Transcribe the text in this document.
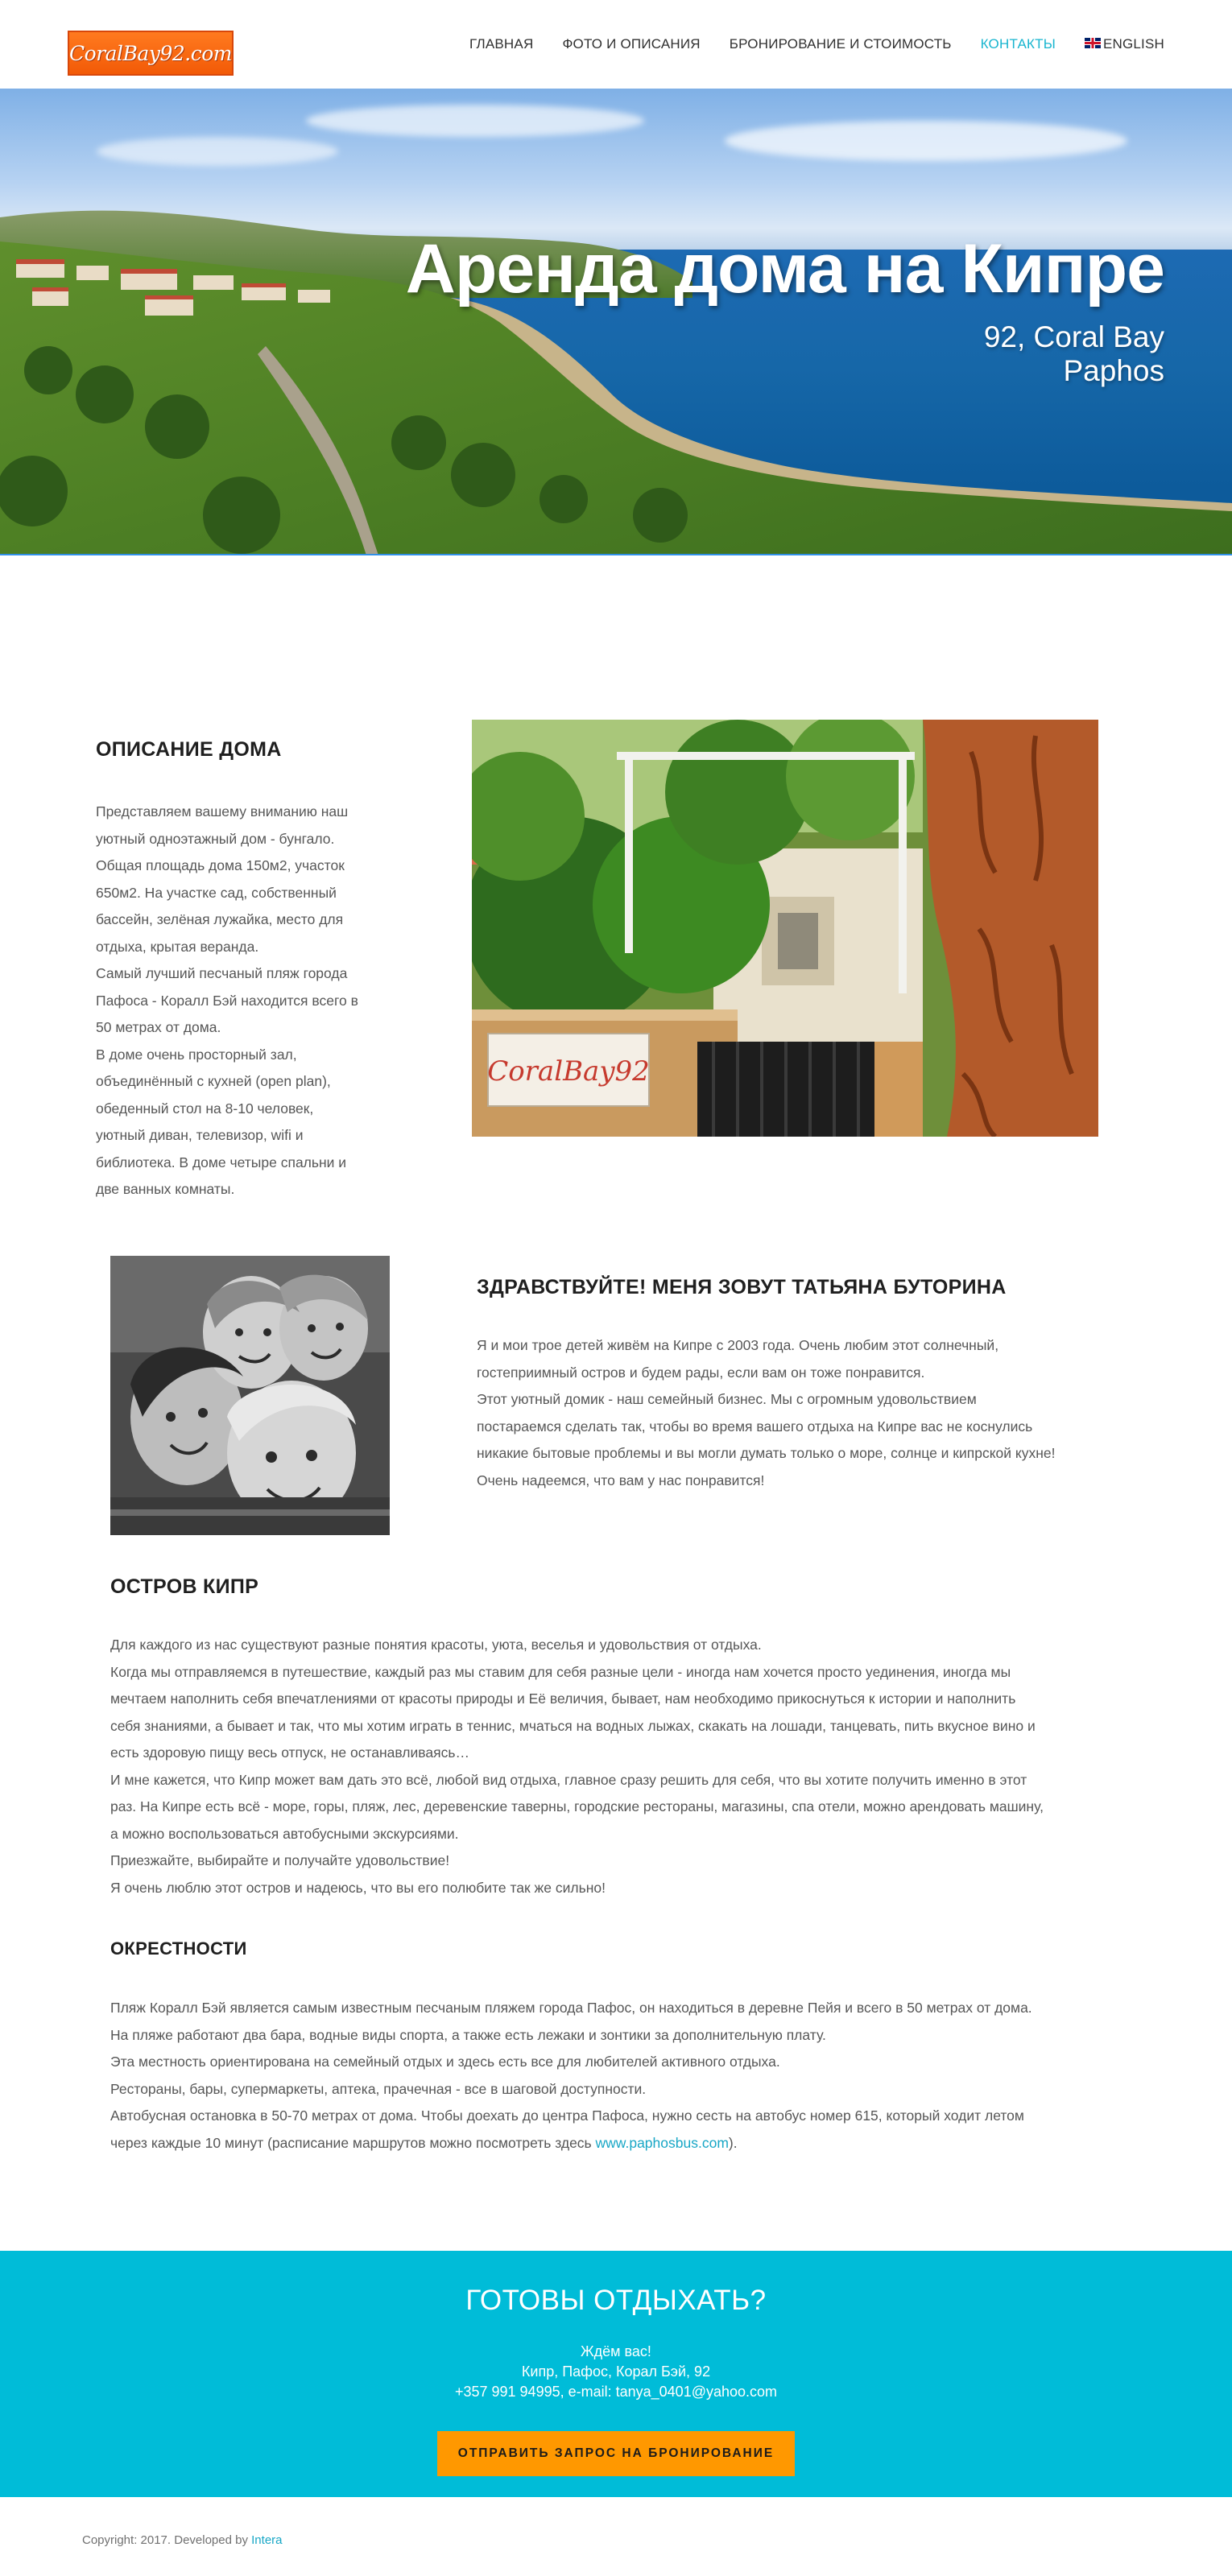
CoralBay92.com	ГЛАВНАЯ ФОТО И ОПИСАНИЯ БРОНИРОВАНИЕ И СТОИМОСТЬ КОНТАКТЫ	ENGLISH
Аренда дома на Кипре
92, Coral Bay
Paphos
ОПИСАНИЕ ДОМА

Представляем вашему вниманию наш

уютный одноэтажный дом - бунгало.

Общая площадь дома 150м2, участок

650м2. На участке сад, собственный

бассейн, зелёная лужайка, место для

отдыха, крытая веранда.

Самый лучший песчаный пляж города

Пафоса - Коралл Бэй находится всего в

50 метрах от дома.

В доме очень просторный зал,

объединённый с кухней (open plan),

обеденный стол на 8-10 человек,

уютный диван, телевизор, wifi и

библиотека. В доме четыре спальни и

две ванных комнаты.

CoralBay92
ЗДРАВСТВУЙТЕ! МЕНЯ ЗОВУТ ТАТЬЯНА БУТОРИНА

Я и мои трое детей живём на Кипре с 2003 года. Очень любим этот солнечный,

гостеприимный остров и будем рады, если вам он тоже понравится.

Этот уютный домик - наш семейный бизнес. Мы с огромным удовольствием

постараемся сделать так, чтобы во время вашего отдыха на Кипре вас не коснулись

никакие бытовые проблемы и вы могли думать только о море, солнце и кипрской кухне!

Очень надеемся, что вам у нас понравится!

ОСТРОВ КИПР

Для каждого из нас существуют разные понятия красоты, уюта, веселья и удовольствия от отдыха.

Когда мы отправляемся в путешествие, каждый раз мы ставим для себя разные цели - иногда нам хочется просто уединения, иногда мы

мечтаем наполнить себя впечатлениями от красоты природы и Её величия, бывает, нам необходимо прикоснуться к истории и наполнить

себя знаниями, а бывает и так, что мы хотим играть в теннис, мчаться на водных лыжах, скакать на лошади, танцевать, пить вкусное вино и

есть здоровую пищу весь отпуск, не останавливаясь…

И мне кажется, что Кипр может вам дать это всё, любой вид отдыха, главное сразу решить для себя, что вы хотите получить именно в этот

раз. На Кипре есть всё - море, горы, пляж, лес, деревенские таверны, городские рестораны, магазины, спа отели, можно арендовать машину,

а можно воспользоваться автобусными экскурсиями.

Приезжайте, выбирайте и получайте удовольствие!

Я очень люблю этот остров и надеюсь, что вы его полюбите так же сильно!

ОКРЕСТНОСТИ

Пляж Коралл Бэй является самым известным песчаным пляжем города Пафос, он находиться в деревне Пейя и всего в 50 метрах от дома.

На пляже работают два бара, водные виды спорта, а также есть лежаки и зонтики за дополнительную плату.

Эта местность ориентирована на семейный отдых и здесь есть все для любителей активного отдыха.

Рестораны, бары, супермаркеты, аптека, прачечная - все в шаговой доступности.

Автобусная остановка в 50-70 метрах от дома. Чтобы доехать до центра Пафоса, нужно сесть на автобус номер 615, который ходит летом

через каждые 10 минут (расписание маршрутов можно посмотреть здесь www.paphosbus.com).

ГОТОВЫ ОТДЫХАТЬ?
Ждём вас!
Кипр, Пафос, Корал Бэй, 92
+357 991 94995, e-mail: tanya_0401@yahoo.com
ОТПРАВИТЬ ЗАПРОС НА БРОНИРОВАНИЕ
Copyright: 2017. Developed by Intera
